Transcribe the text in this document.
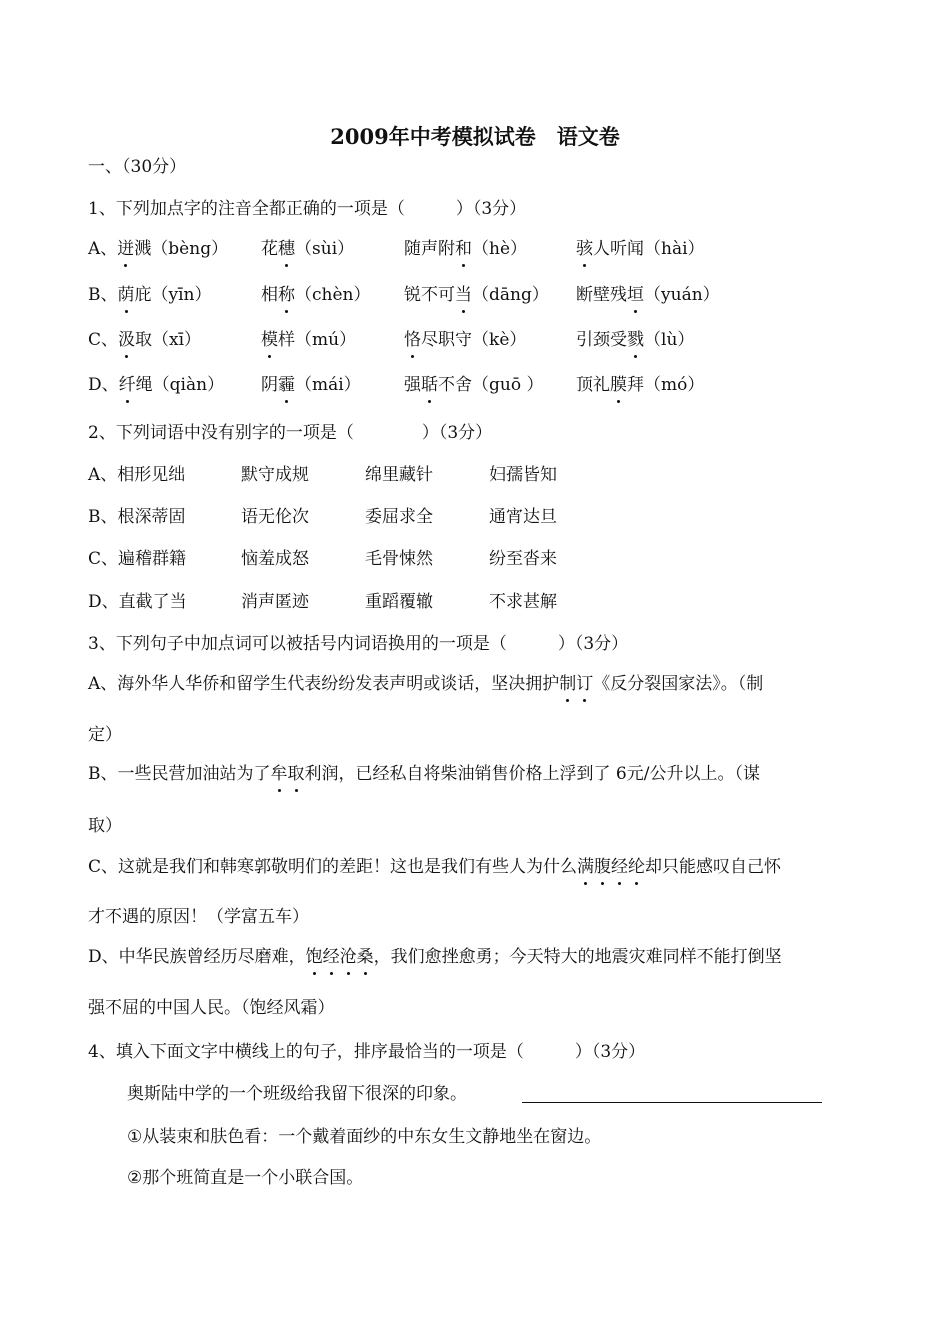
2009年中考模拟试卷　语文卷
一、（30分）
1、下列加点字的注音全都正确的一项是（　　　）（3分）
A、迸溅（bèng） 花穗（sùi）	随声附和（hè）	骇人听闻（hài）
B、荫庇（yīn）	相称（chèn） 锐不可当（dāng） 断壁残垣（yuán）
C、汲取（xī）	模样（mú）	恪尽职守（kè）	引颈受戮（lù）
D、纤绳（qiàn） 阴霾（mái）	强聒不舍（guō ） 顶礼膜拜（mó）
2、下列词语中没有别字的一项是（　　　　）（3分）
A、相形见绌	默守成规	绵里藏针	妇孺皆知
B、根深蒂固	语无伦次	委屈求全	通宵达旦
C、遍稽群籍	恼羞成怒	毛骨悚然	纷至沓来
D、直截了当	消声匿迹	重蹈覆辙	不求甚解
3、下列句子中加点词可以被括号内词语换用的一项是（　　　）（3分）
A、海外华人华侨和留学生代表纷纷发表声明或谈话，坚决拥护制订《反分裂国家法》。（制
定）
B、一些民营加油站为了牟取利润，已经私自将柴油销售价格上浮到了 6元/公升以上。（谋
取）
C、这就是我们和韩寒郭敬明们的差距！这也是我们有些人为什么满腹经纶却只能感叹自己怀
才不遇的原因！（学富五车）
D、中华民族曾经历尽磨难，饱经沧桑，我们愈挫愈勇；今天特大的地震灾难同样不能打倒坚
强不屈的中国人民。（饱经风霜）
4、填入下面文字中横线上的句子，排序最恰当的一项是（　　　）（3分）
奥斯陆中学的一个班级给我留下很深的印象。
①从装束和肤色看：一个戴着面纱的中东女生文静地坐在窗边。
②那个班简直是一个小联合国。
